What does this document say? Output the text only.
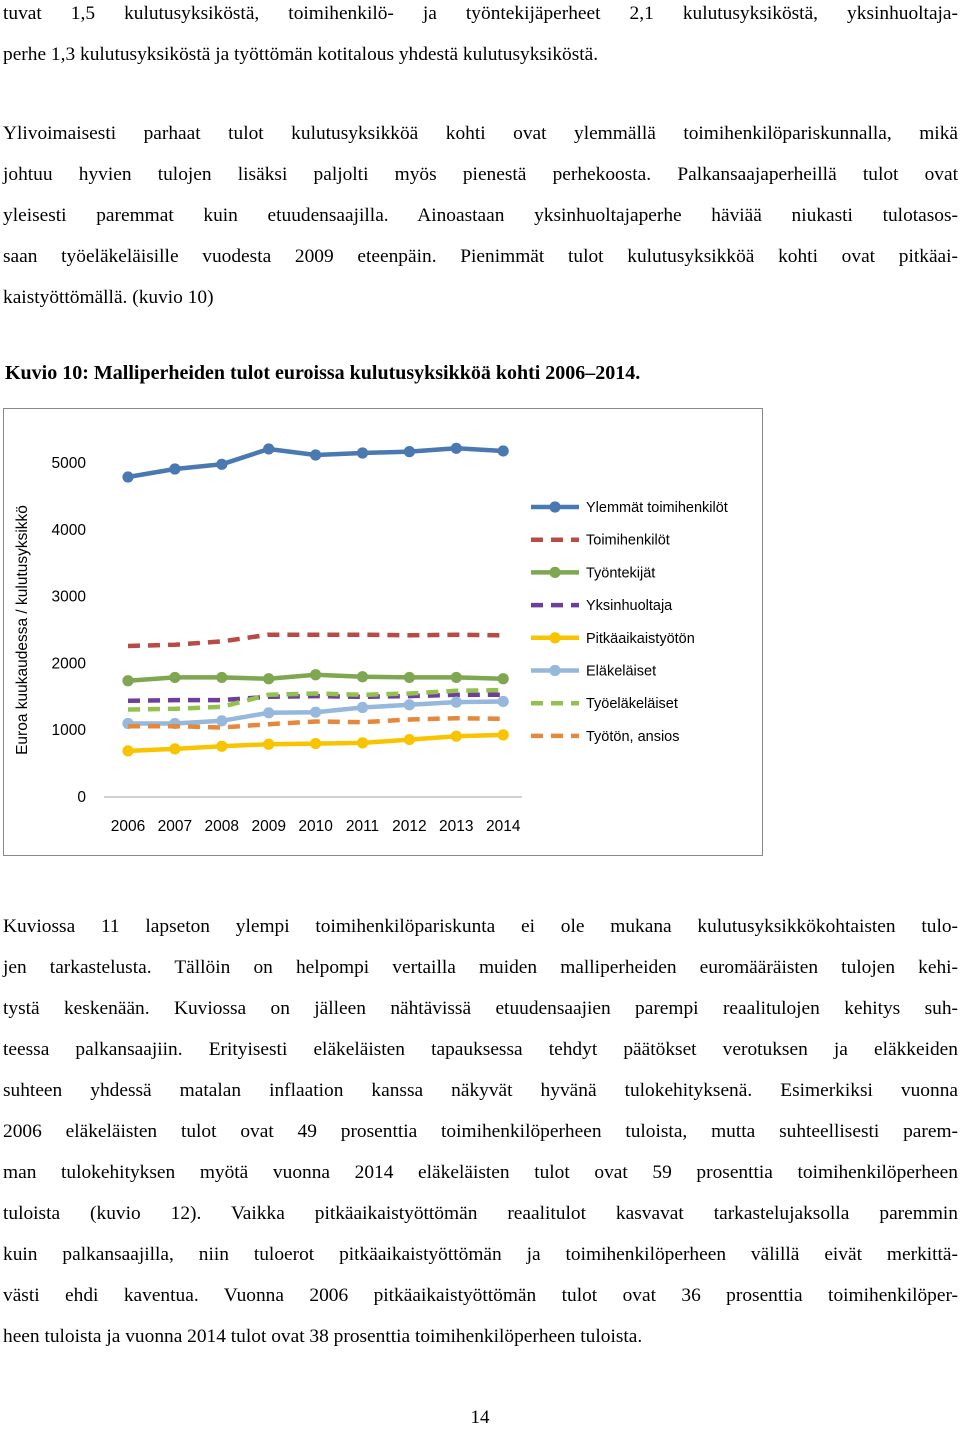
tuvat 1,5 kulutusyksiköstä, toimihenkilö- ja työntekijäperheet 2,1 kulutusyksiköstä, yksinhuoltaja-
perhe 1,3 kulutusyksiköstä ja työttömän kotitalous yhdestä kulutusyksiköstä.
Ylivoimaisesti parhaat tulot kulutusyksikköä kohti ovat ylemmällä toimihenkilöpariskunnalla, mikä
johtuu hyvien tulojen lisäksi paljolti myös pienestä perhekoosta. Palkansaajaperheillä tulot ovat
yleisesti paremmat kuin etuudensaajilla. Ainoastaan yksinhuoltajaperhe häviää niukasti tulotasos-
saan työeläkeläisille vuodesta 2009 eteenpäin. Pienimmät tulot kulutusyksikköä kohti ovat pitkäai-
kaistyöttömällä. (kuvio 10)

Kuvio 10: Malliperheiden tulot euroissa kulutusyksikköä kohti 2006–2014.

Euroa kuukaudessa / kulutusyksikkö
0
1000
2000
3000
4000
5000
2006 2007 2008 2009 2010 2011 2012 2013 2014
Ylemmät toimihenkilöt
Toimihenkilöt
Työntekijät
Yksinhuoltaja
Pitkäaikaistyötön
Eläkeläiset
Työeläkeläiset
Työtön, ansios
Kuviossa 11 lapseton ylempi toimihenkilöpariskunta ei ole mukana kulutusyksikkökohtaisten tulo-
jen tarkastelusta. Tällöin on helpompi vertailla muiden malliperheiden euromääräisten tulojen kehi-
tystä keskenään. Kuviossa on jälleen nähtävissä etuudensaajien parempi reaalitulojen kehitys suh-
teessa palkansaajiin. Erityisesti eläkeläisten tapauksessa tehdyt päätökset verotuksen ja eläkkeiden
suhteen yhdessä matalan inflaation kanssa näkyvät hyvänä tulokehityksenä. Esimerkiksi vuonna
2006 eläkeläisten tulot ovat 49 prosenttia toimihenkilöperheen tuloista, mutta suhteellisesti parem-
man tulokehityksen myötä vuonna 2014 eläkeläisten tulot ovat 59 prosenttia toimihenkilöperheen
tuloista (kuvio 12). Vaikka pitkäaikaistyöttömän reaalitulot kasvavat tarkastelujaksolla paremmin
kuin palkansaajilla, niin tuloerot pitkäaikaistyöttömän ja toimihenkilöperheen välillä eivät merkittä-
västi ehdi kaventua. Vuonna 2006 pitkäaikaistyöttömän tulot ovat 36 prosenttia toimihenkilöper-
heen tuloista ja vuonna 2014 tulot ovat 38 prosenttia toimihenkilöperheen tuloista.

14
